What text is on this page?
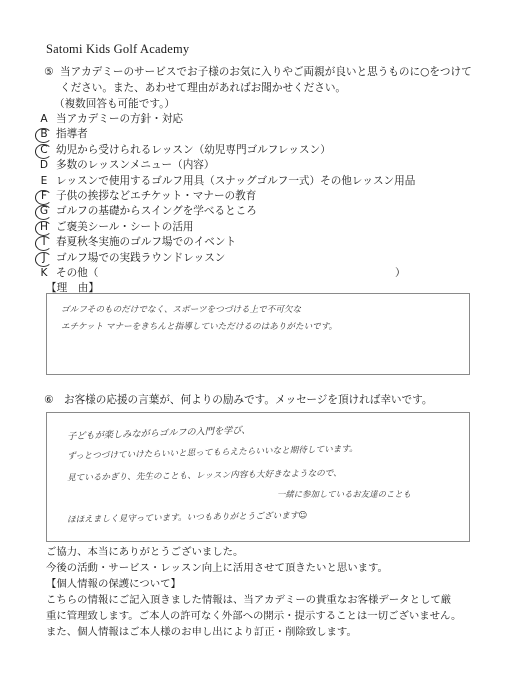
Satomi Kids Golf Academy
⑤ 当アカデミーのサービスでお子様のお気に入りやご両親が良いと思うものに○をつけて
ください。また、あわせて理由があればお聞かせください。
（複数回答も可能です。）
A 当アカデミーの方針・対応
B 指導者
C 幼児から受けられるレッスン（幼児専門ゴルフレッスン）
D 多数のレッスンメニュー（内容）
E レッスンで使用するゴルフ用具（スナッグゴルフ一式）その他レッスン用品
F 子供の挨拶などエチケット・マナーの教育
G ゴルフの基礎からスイングを学べるところ
H ご褒美シール・シートの活用
I 春夏秋冬実施のゴルフ場でのイベント
J ゴルフ場での実践ラウンドレッスン
K その他（	）
【理　由】
ゴルフそのものだけでなく、スポーツをつづける上で不可欠な
エチケット マナーをきちんと指導していただけるのはありがたいです。
⑥ お客様の応援の言葉が、何よりの励みです。メッセージを頂ければ幸いです。
子どもが楽しみながらゴルフの入門を学び、
ずっとつづけていけたらいいと思ってもらえたらいいなと期待しています。
見ているかぎり、先生のことも、レッスン内容も大好きなようなので、
一緒に参加しているお友達のことも
ほほえましく見守っています。いつもありがとうございます☺
ご協力、本当にありがとうございました。
今後の活動・サービス・レッスン向上に活用させて頂きたいと思います。
【個人情報の保護について】
こちらの情報にご記入頂きました情報は、当アカデミーの貴重なお客様データとして厳
重に管理致します。ご本人の許可なく外部への開示・提示することは一切ございません。
また、個人情報はご本人様のお申し出により訂正・削除致します。
